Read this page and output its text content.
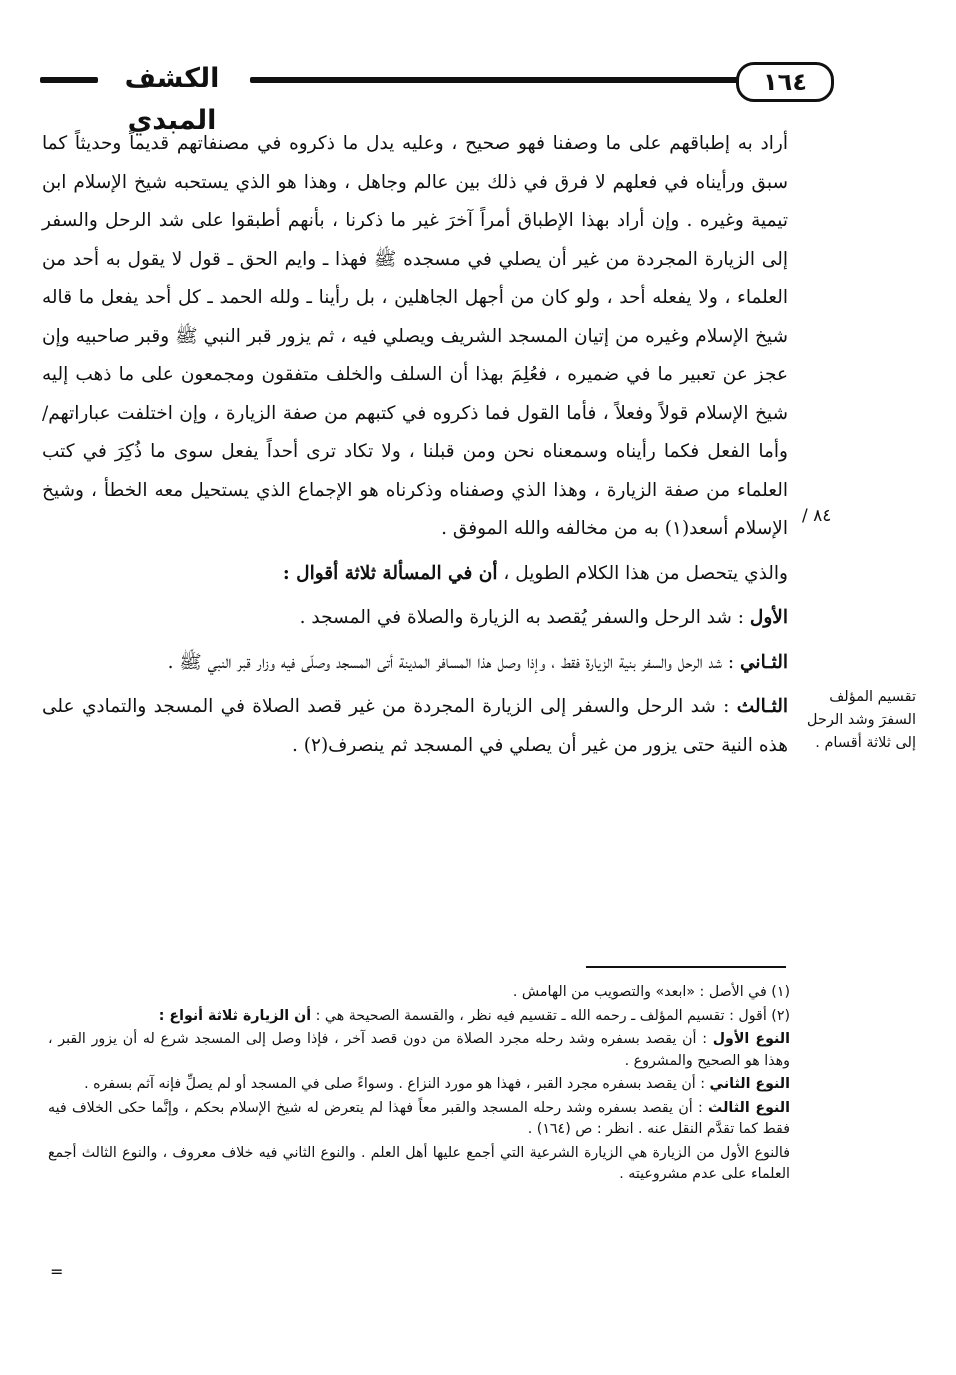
الكشف المبدي
١٦٤

أراد به إطباقهم على ما وصفنا فهو صحيح ، وعليه يدل ما ذكروه في مصنفاتهم قديماً وحديثاً كما سبق ورأيناه في فعلهم لا فرق في ذلك بين عالم وجاهل ، وهذا هو الذي يستحبه شيخ الإسلام ابن تيمية وغيره . وإن أراد بهذا الإطباق أمراً آخرَ غير ما ذكرنا ، بأنهم أطبقوا على شد الرحل والسفر إلى الزيارة المجردة من غير أن يصلي في مسجده ﷺ فهذا ـ وايم الحق ـ قول لا يقول به أحد من العلماء ، ولا يفعله أحد ، ولو كان من أجهل الجاهلين ، بل رأينا ـ ولله الحمد ـ كل أحد يفعل ما قاله شيخ الإسلام وغيره من إتيان المسجد الشريف ويصلي فيه ، ثم يزور قبر النبي ﷺ وقبر صاحبيه وإن عجز عن تعبير ما في ضميره ، فعُلِمَ بهذا أن السلف والخلف متفقون ومجمعون على ما ذهب إليه شيخ الإسلام قولاً وفعلاً ، فأما القول فما ذكروه في كتبهم من صفة الزيارة ، وإن اختلفت عباراتهم/ وأما الفعل فكما رأيناه وسمعناه نحن ومن قبلنا ، ولا تكاد ترى أحداً يفعل سوى ما ذُكِرَ في كتب العلماء من صفة الزيارة ، وهذا الذي وصفناه وذكرناه هو الإجماع الذي يستحيل معه الخطأ ، وشيخ الإسلام أسعد(١) به من مخالفه والله الموفق .

والذي يتحصل من هذا الكلام الطويل ، أن في المسألة ثلاثة أقوال :

الأول : شد الرحل والسفر يُقصد به الزيارة والصلاة في المسجد .

الثـاني : شد الرحل والسفر بنية الزيارة فقط ، وإذا وصل هذا المسافر المدينة أتى المسجد وصلّى فيه وزار قبر النبي ﷺ .

الثـالث : شد الرحل والسفر إلى الزيارة المجردة من غير قصد الصلاة في المسجد والتمادي على هذه النية حتى يزور من غير أن يصلي في المسجد ثم ينصرف(٢) .

/ ٨٤
تقسيم المؤلف السفرَ وشد الرحل إلى ثلاثة أقسام .

(١) في الأصل : «ابعد» والتصويب من الهامش .

(٢) أقول : تقسيم المؤلف ـ رحمه الله ـ تقسيم فيه نظر ، والقسمة الصحيحة هي : أن الزيارة ثلاثة أنواع :

النوع الأول : أن يقصد بسفره وشد رحله مجرد الصلاة من دون قصد آخر ، فإذا وصل إلى المسجد شرع له أن يزور القبر ، وهذا هو الصحيح والمشروع .

النوع الثاني : أن يقصد بسفره مجرد القبر ، فهذا هو مورد النزاع . وسواءً صلى في المسجد أو لم يصلِّ فإنه آثم بسفره .

النوع الثالث : أن يقصد بسفره وشد رحله المسجد والقبر معاً فهذا لم يتعرض له شيخ الإسلام بحكم ، وإنَّما حكى الخلاف فيه فقط كما تقدَّم النقل عنه . انظر : ص (١٦٤) .

فالنوع الأول من الزيارة هي الزيارة الشرعية التي أجمع عليها أهل العلم . والنوع الثاني فيه خلاف معروف ، والنوع الثالث أجمع العلماء على عدم مشروعيته .

=
